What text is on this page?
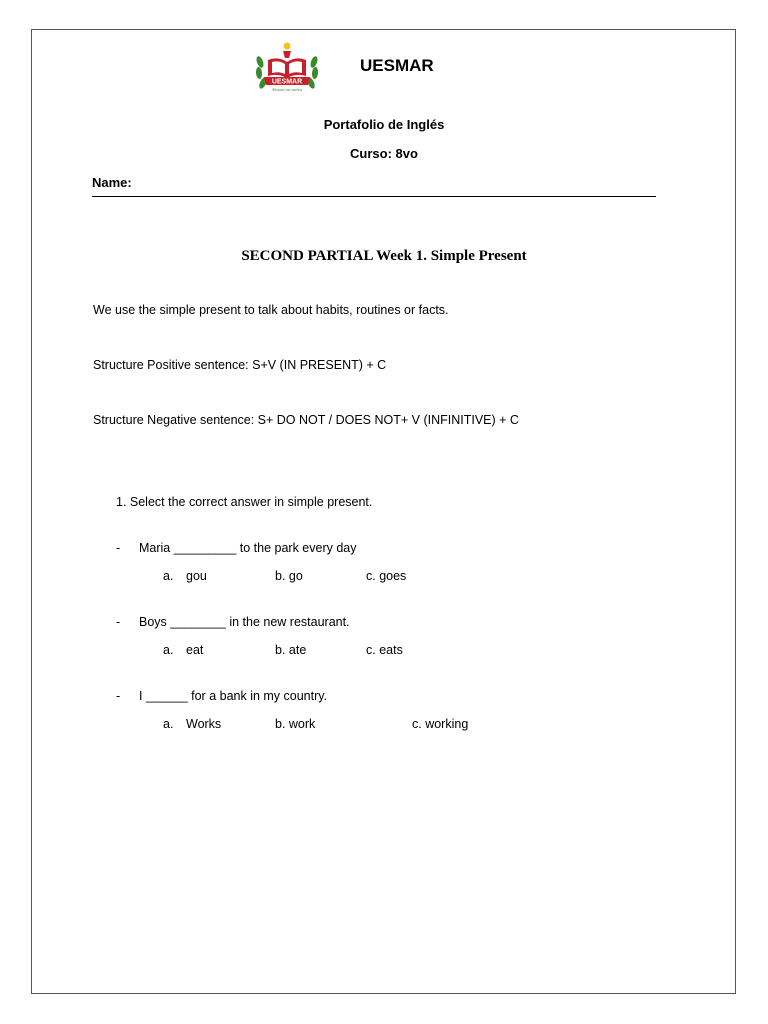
UESMAR
Alcanza tus sueños
UESMAR
Portafolio de Inglés
Curso: 8vo
Name:
SECOND PARTIAL Week 1. Simple Present
We use the simple present to talk about habits, routines or facts.
Structure Positive sentence: S+V (IN PRESENT) + C
Structure Negative sentence: S+ DO NOT / DOES NOT+ V (INFINITIVE) + C
1. Select the correct answer in simple present.
- Maria _________ to the park every day
a. gou	b. go	c. goes
- Boys ________ in the new restaurant.
a. eat	b. ate	c. eats
- I ______ for a bank in my country.
a. Works	b. work	c. working
